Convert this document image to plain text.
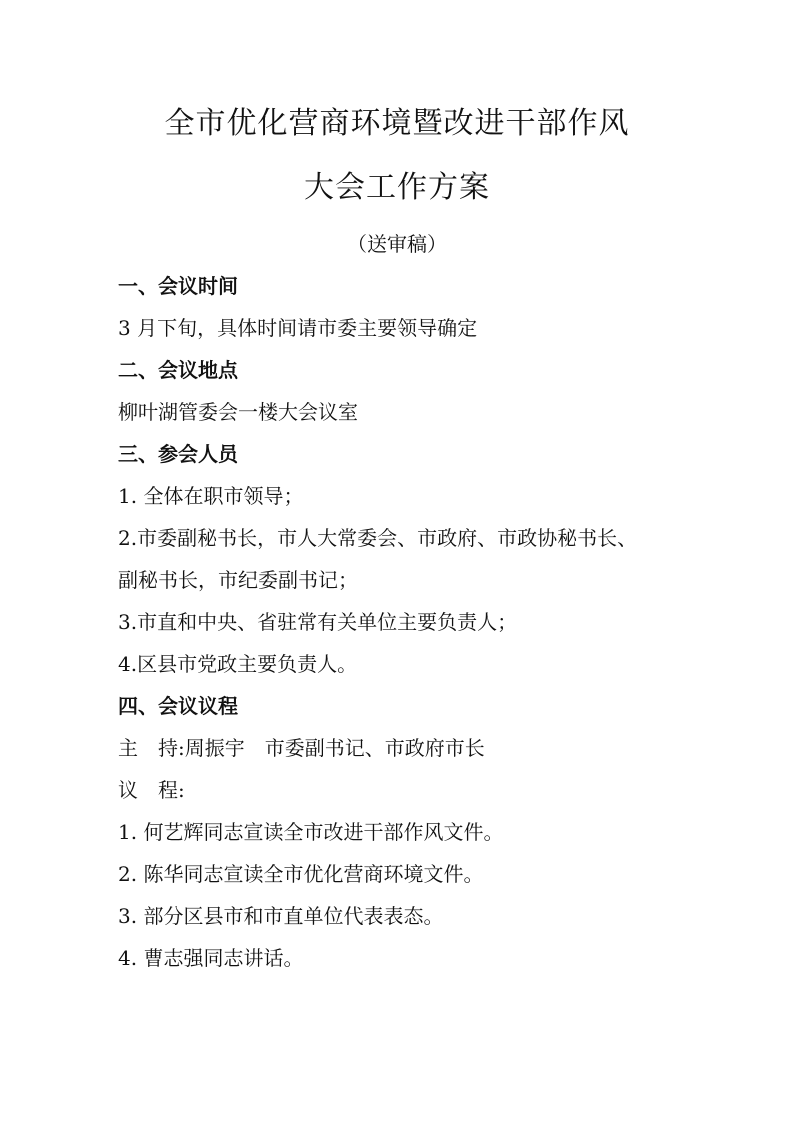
全市优化营商环境暨改进干部作风
大会工作方案
（送审稿）
一、会议时间
3 月下旬，具体时间请市委主要领导确定
二、会议地点
柳叶湖管委会一楼大会议室
三、参会人员
1. 全体在职市领导；
2.市委副秘书长，市人大常委会、市政府、市政协秘书长、
副秘书长，市纪委副书记；
3.市直和中央、省驻常有关单位主要负责人；
4.区县市党政主要负责人。
四、会议议程
主　持:周振宇　市委副书记、市政府市长
议　程:
1. 何艺辉同志宣读全市改进干部作风文件。
2. 陈华同志宣读全市优化营商环境文件。
3. 部分区县市和市直单位代表表态。
4. 曹志强同志讲话。
